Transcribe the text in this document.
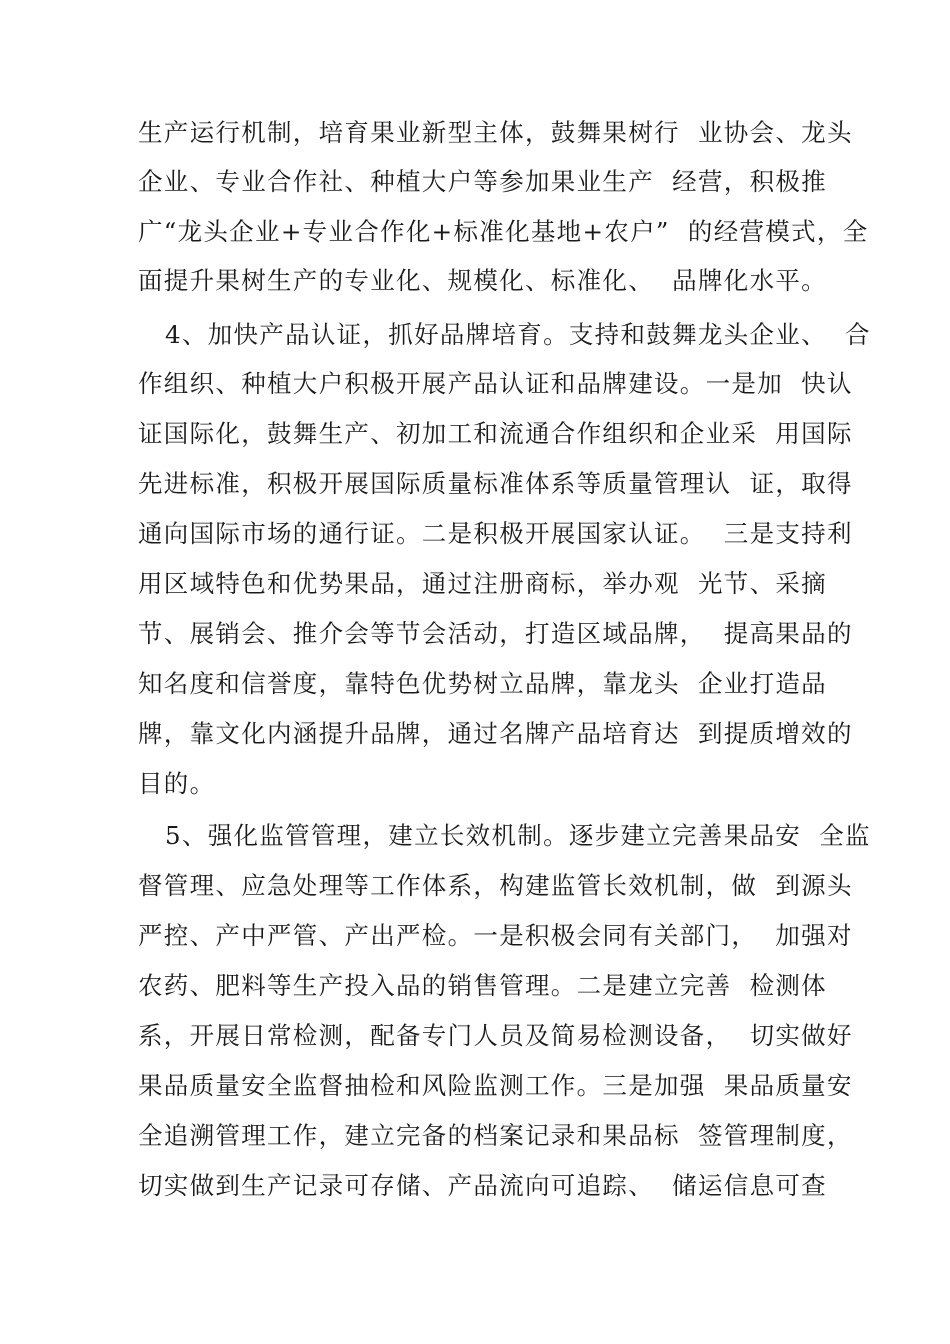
生产运行机制，培育果业新型主体，鼓舞果树行  业协会、龙头
企业、专业合作社、种植大户等参加果业生产  经营，积极推
广“龙头企业+专业合作化+标准化基地+农户”  的经营模式，全
面提升果树生产的专业化、规模化、标准化、  品牌化水平。
4、加快产品认证，抓好品牌培育。支持和鼓舞龙头企业、  合
作组织、种植大户积极开展产品认证和品牌建设。一是加  快认
证国际化，鼓舞生产、初加工和流通合作组织和企业采  用国际
先进标准，积极开展国际质量标准体系等质量管理认  证，取得
通向国际市场的通行证。二是积极开展国家认证。  三是支持利
用区域特色和优势果品，通过注册商标，举办观  光节、采摘
节、展销会、推介会等节会活动，打造区域品牌，  提高果品的
知名度和信誉度，靠特色优势树立品牌，靠龙头  企业打造品
牌，靠文化内涵提升品牌，通过名牌产品培育达  到提质增效的
目的。
5、强化监管管理，建立长效机制。逐步建立完善果品安  全监
督管理、应急处理等工作体系，构建监管长效机制，做  到源头
严控、产中严管、产出严检。一是积极会同有关部门，  加强对
农药、肥料等生产投入品的销售管理。二是建立完善  检测体
系，开展日常检测，配备专门人员及简易检测设备，  切实做好
果品质量安全监督抽检和风险监测工作。三是加强  果品质量安
全追溯管理工作，建立完备的档案记录和果品标  签管理制度，
切实做到生产记录可存储、产品流向可追踪、  储运信息可查
